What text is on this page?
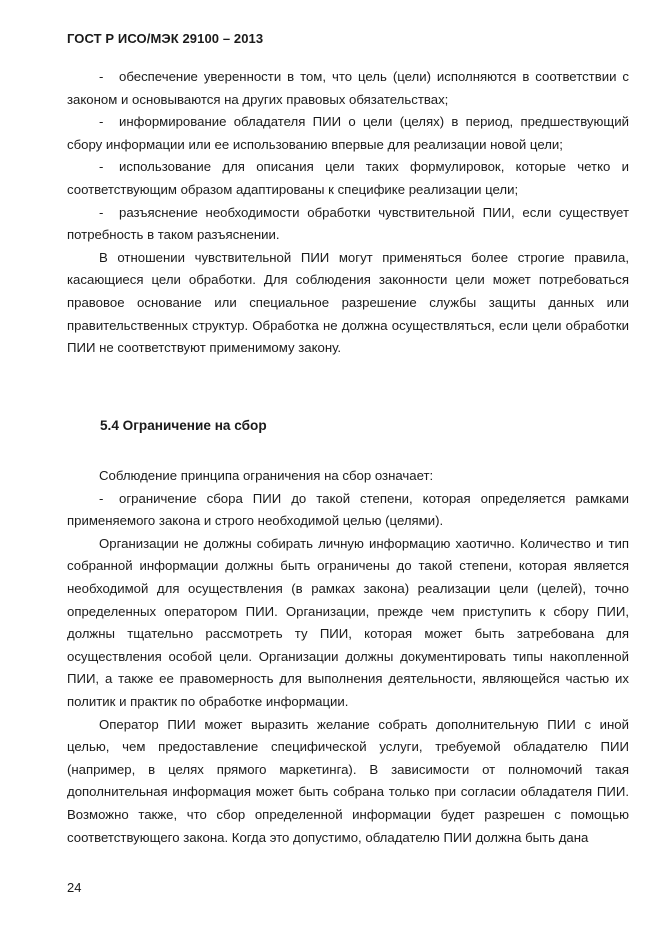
ГОСТ Р ИСО/МЭК 29100 – 2013

- обеспечение уверенности в том, что цель (цели) исполняются в соответствии с законом и основываются на других правовых обязательствах;

- информирование обладателя ПИИ о цели (целях) в период, предшествующий сбору информации или ее использованию впервые для реализации новой цели;

- использование для описания цели таких формулировок, которые четко и соответствующим образом адаптированы к специфике реализации цели;

- разъяснение необходимости обработки чувствительной ПИИ, если существует потребность в таком разъяснении.

В отношении чувствительной ПИИ могут применяться более строгие правила, касающиеся цели обработки. Для соблюдения законности цели может потребоваться правовое основание или специальное разрешение службы защиты данных или правительственных структур. Обработка не должна осуществляться, если цели обработки ПИИ не соответствуют применимому закону.

5.4 Ограничение на сбор

Соблюдение принципа ограничения на сбор означает:

- ограничение сбора ПИИ до такой степени, которая определяется рамками применяемого закона и строго необходимой целью (целями).

Организации не должны собирать личную информацию хаотично. Количество и тип собранной информации должны быть ограничены до такой степени, которая является необходимой для осуществления (в рамках закона) реализации цели (целей), точно определенных оператором ПИИ. Организации, прежде чем приступить к сбору ПИИ, должны тщательно рассмотреть ту ПИИ, которая может быть затребована для осуществления особой цели. Организации должны документировать типы накопленной ПИИ, а также ее правомерность для выполнения деятельности, являющейся частью их политик и практик по обработке информации.

Оператор ПИИ может выразить желание собрать дополнительную ПИИ с иной целью, чем предоставление специфической услуги, требуемой обладателю ПИИ (например, в целях прямого маркетинга). В зависимости от полномочий такая дополнительная информация может быть собрана только при согласии обладателя ПИИ. Возможно также, что сбор определенной информации будет разрешен с помощью соответствующего закона. Когда это допустимо, обладателю ПИИ должна быть дана

24
